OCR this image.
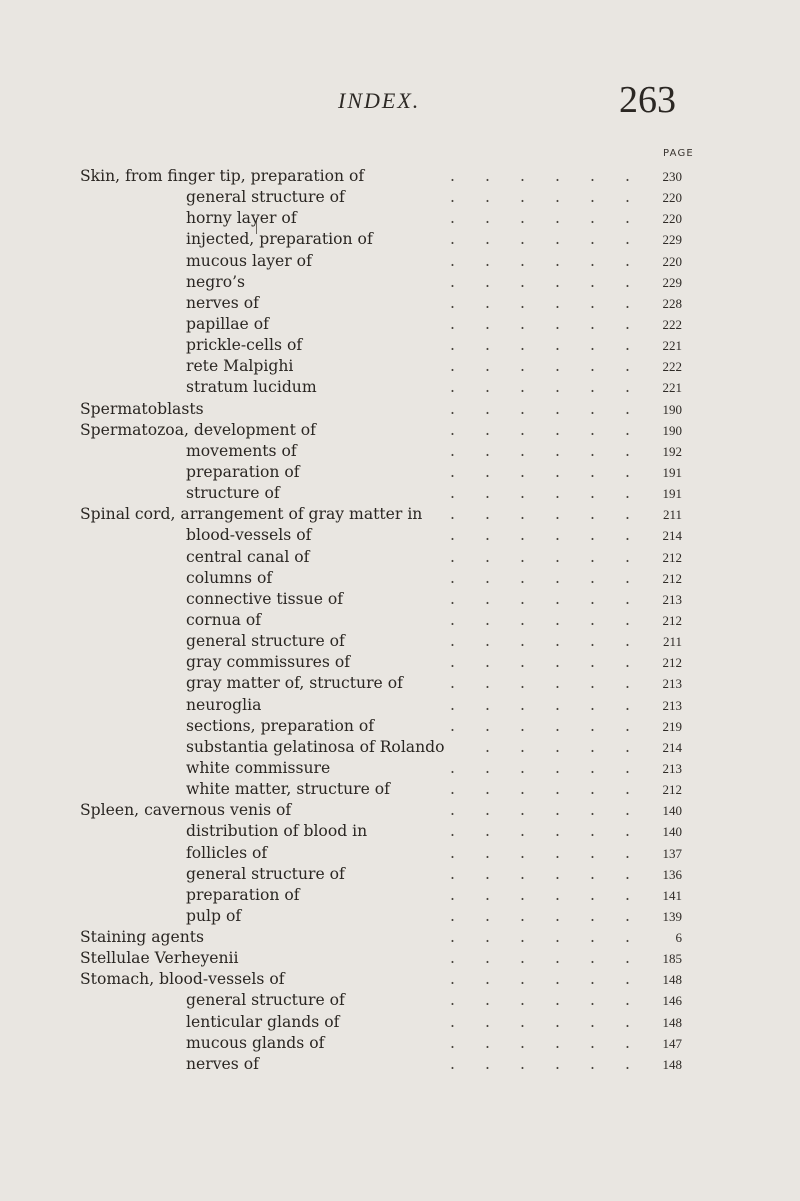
INDEX.	263
PAGE
Skin, from finger tip, preparation of	. . . . . .	230
general structure of	. . . . . .	220
horny layer of	. . . . . .	220
injected, preparation of	. . . . . .	229
mucous layer of	. . . . . .	220
negro’s	. . . . . .	229
nerves of	. . . . . .	228
papillae of	. . . . . .	222
prickle-cells of	. . . . . .	221
rete Malpighi	. . . . . .	222
stratum lucidum	. . . . . .	221
Spermatoblasts	. . . . . .	190
Spermatozoa, development of	. . . . . .	190
movements of	. . . . . .	192
preparation of	. . . . . .	191
structure of	. . . . . .	191
Spinal cord, arrangement of gray matter in . . . . . .	211
blood-vessels of	. . . . . .	214
central canal of	. . . . . .	212
columns of	. . . . . .	212
connective tissue of	. . . . . .	213
cornua of	. . . . . .	212
general structure of	. . . . . .	211
gray commissures of	. . . . . .	212
gray matter of, structure of	. . . . . .	213
neuroglia	. . . . . .	213
sections, preparation of	. . . . . .	219
substantia gelatinosa of Rolando	. . . . .	214
white commissure	. . . . . .	213
white matter, structure of	. . . . . .	212
Spleen, cavernous venis of	. . . . . .	140
distribution of blood in	. . . . . .	140
follicles of	. . . . . .	137
general structure of	. . . . . .	136
preparation of	. . . . . .	141
pulp of	. . . . . .	139
Staining agents	. . . . . .	6
Stellulae Verheyenii	. . . . . .	185
Stomach, blood-vessels of	. . . . . .	148
general structure of	. . . . . .	146
lenticular glands of	. . . . . .	148
mucous glands of	. . . . . .	147
nerves of	. . . . . .	148
